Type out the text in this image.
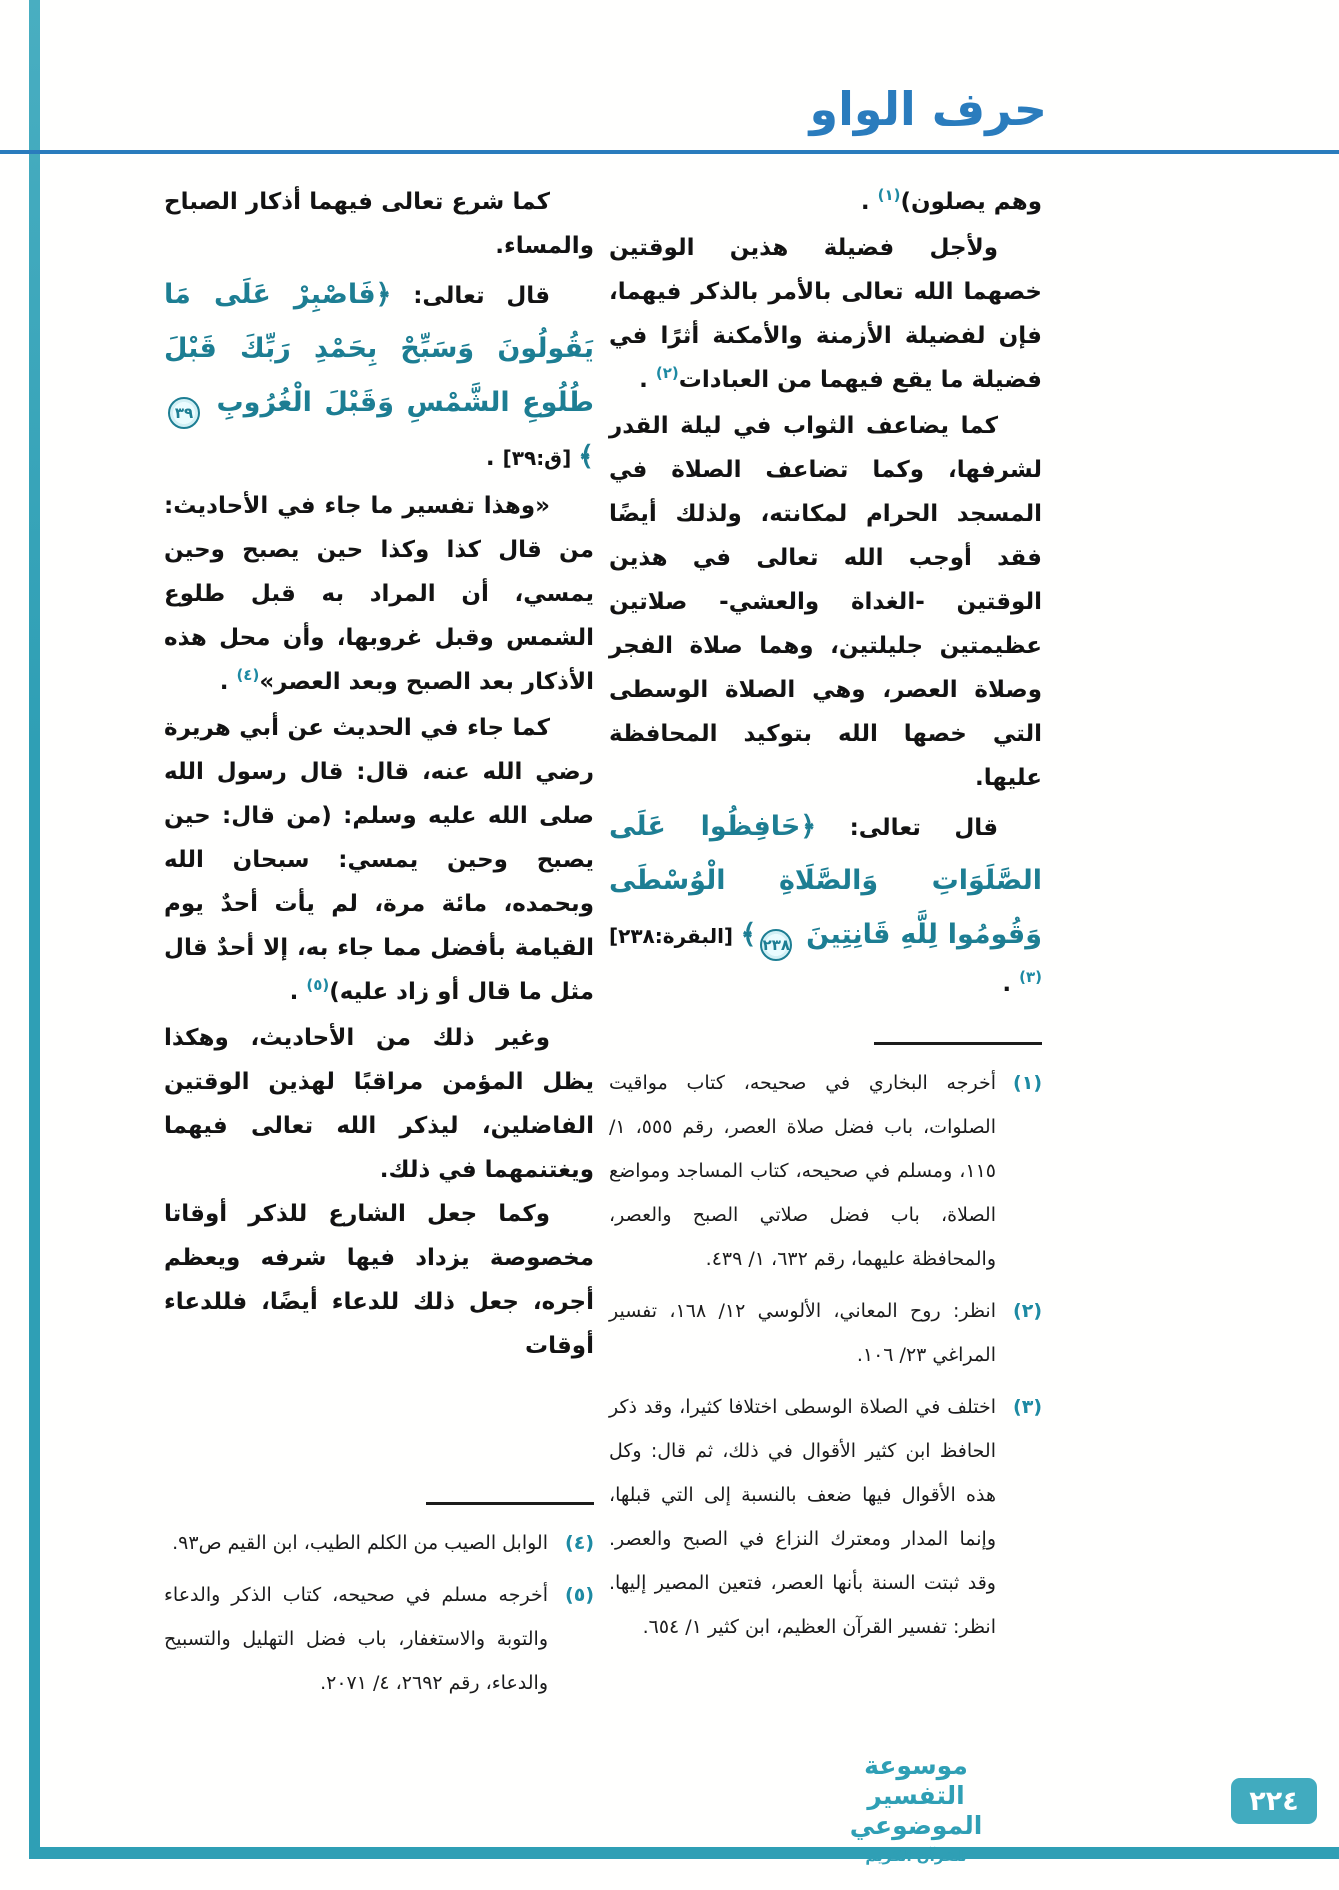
حرف الواو

وهم يصلون)$^{(١)}$ .

ولأجل فضيلة هذين الوقتين خصهما الله تعالى بالأمر بالذكر فيهما، فإن لفضيلة الأزمنة والأمكنة أثرًا في فضيلة ما يقع فيهما من العبادات$^{(٢)}$ .

كما يضاعف الثواب في ليلة القدر لشرفها، وكما تضاعف الصلاة في المسجد الحرام لمكانته، ولذلك أيضًا فقد أوجب الله تعالى في هذين الوقتين -الغداة والعشي- صلاتين عظيمتين جليلتين، وهما صلاة الفجر وصلاة العصر، وهي الصلاة الوسطى التي خصها الله بتوكيد المحافظة عليها.

قال تعالى: ﴿حَافِظُوا عَلَى الصَّلَوَاتِ وَالصَّلَاةِ الْوُسْطَى وَقُومُوا لِلَّهِ قَانِتِينَ ٢٣٨﴾ [البقرة:٢٣٨]$^{(٣)}$ .

(١)
أخرجه البخاري في صحيحه، كتاب مواقيت الصلوات، باب فضل صلاة العصر، رقم ٥٥٥، ١/ ١١٥، ومسلم في صحيحه، كتاب المساجد ومواضع الصلاة، باب فضل صلاتي الصبح والعصر، والمحافظة عليهما، رقم ٦٣٢، ١/ ٤٣٩.
(٢)
انظر: روح المعاني، الألوسي ١٢/ ١٦٨، تفسير المراغي ٢٣/ ١٠٦.
(٣)
اختلف في الصلاة الوسطى اختلافا كثيرا، وقد ذكر الحافظ ابن كثير الأقوال في ذلك، ثم قال: وكل هذه الأقوال فيها ضعف بالنسبة إلى التي قبلها، وإنما المدار ومعترك النزاع في الصبح والعصر. وقد ثبتت السنة بأنها العصر، فتعين المصير إليها. انظر: تفسير القرآن العظيم، ابن كثير ١/ ٦٥٤.

كما شرع تعالى فيهما أذكار الصباح والمساء.

قال تعالى: ﴿فَاصْبِرْ عَلَى مَا يَقُولُونَ وَسَبِّحْ بِحَمْدِ رَبِّكَ قَبْلَ طُلُوعِ الشَّمْسِ وَقَبْلَ الْغُرُوبِ ٣٩﴾ [ق:٣٩] .

«وهذا تفسير ما جاء في الأحاديث: من قال كذا وكذا حين يصبح وحين يمسي، أن المراد به قبل طلوع الشمس وقبل غروبها، وأن محل هذه الأذكار بعد الصبح وبعد العصر»$^{(٤)}$ .

كما جاء في الحديث عن أبي هريرة رضي الله عنه، قال: قال رسول الله صلى الله عليه وسلم: (من قال: حين يصبح وحين يمسي: سبحان الله وبحمده، مائة مرة، لم يأت أحدٌ يوم القيامة بأفضل مما جاء به، إلا أحدٌ قال مثل ما قال أو زاد عليه)$^{(٥)}$ .

وغير ذلك من الأحاديث، وهكذا يظل المؤمن مراقبًا لهذين الوقتين الفاضلين، ليذكر الله تعالى فيهما ويغتنمهما في ذلك.

وكما جعل الشارع للذكر أوقاتا مخصوصة يزداد فيها شرفه ويعظم أجره، جعل ذلك للدعاء أيضًا، فللدعاء أوقات

(٤)
الوابل الصيب من الكلم الطيب، ابن القيم ص٩٣.
(٥)
أخرجه مسلم في صحيحه، كتاب الذكر والدعاء والتوبة والاستغفار، باب فضل التهليل والتسبيح والدعاء، رقم ٢٦٩٢، ٤/ ٢٠٧١.
موسوعة التفسير الموضوعي
للقرآن الكريم
٢٢٤
